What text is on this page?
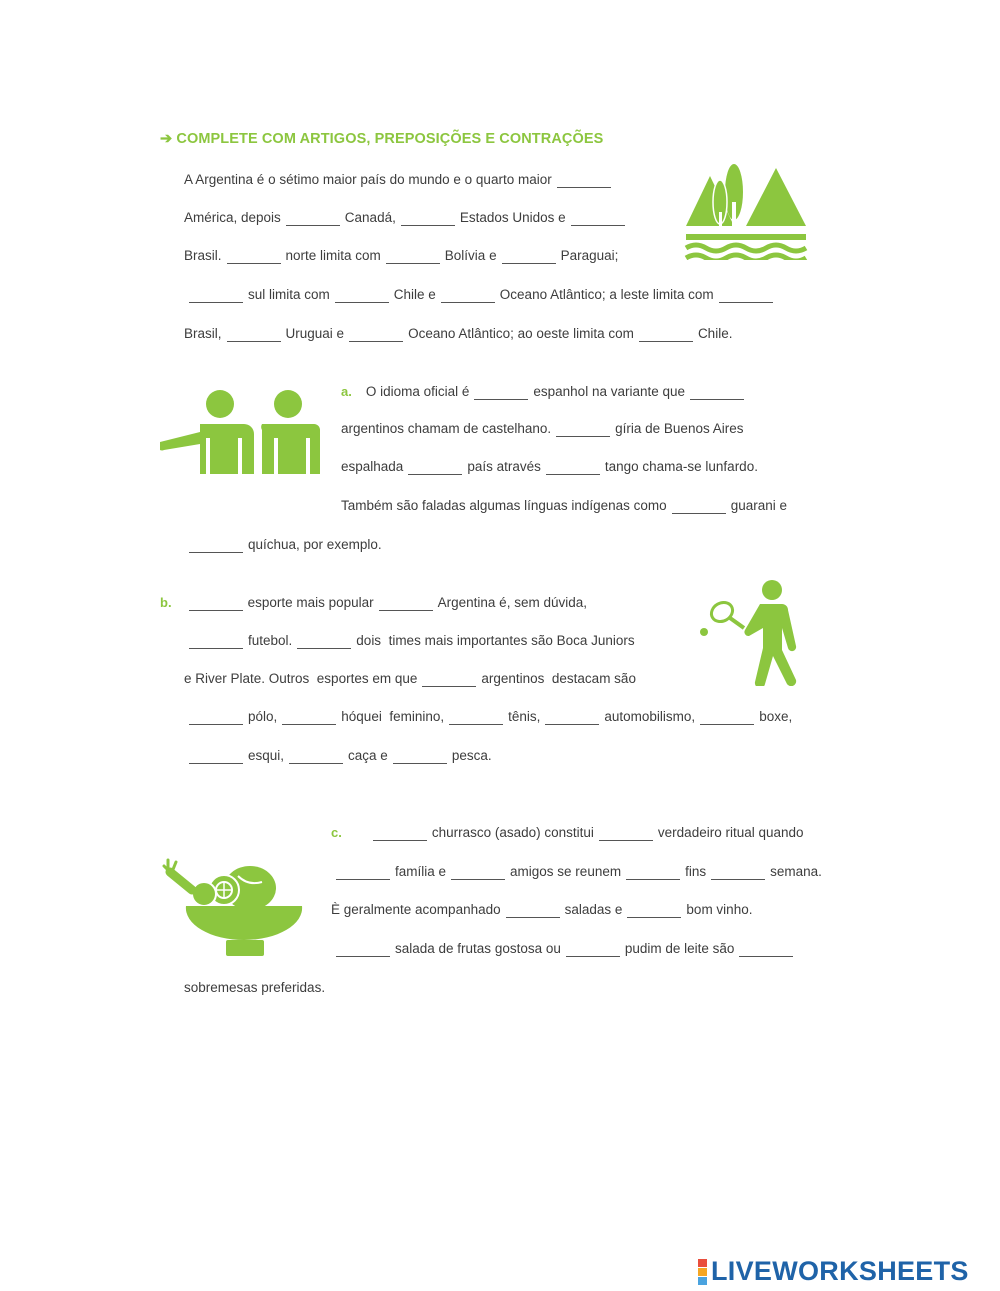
➔ COMPLETE COM ARTIGOS, PREPOSIÇÕES E CONTRAÇÕES
A Argentina é o sétimo maior país do mundo e o quarto maior
América, depois	Canadá,	Estados Unidos e
Brasil.	norte limita com	Bolívia e	Paraguai;
sul limita com	Chile e	Oceano Atlântico; a leste limita com
Brasil,	Uruguai e	Oceano Atlântico; ao oeste limita com	Chile.
a. O idioma oficial é	espanhol na variante que
argentinos chamam de castelhano.	gíria de Buenos Aires
espalhada	país através	tango chama-se lunfardo.
Também são faladas algumas línguas indígenas como	guarani e
quíchua, por exemplo.
b.	esporte mais popular	Argentina é, sem dúvida,
futebol.	dois  times mais importantes são Boca Juniors
e River Plate. Outros  esportes em que	argentinos  destacam são
pólo,	hóquei  feminino,	tênis,	automobilismo,	boxe,
esqui,	caça e	pesca.
c.	churrasco (asado) constitui	verdadeiro ritual quando
família e	amigos se reunem	fins	semana.
È geralmente acompanhado	saladas e	bom vinho.
salada de frutas gostosa ou	pudim de leite são
sobremesas preferidas.
LIVEWORKSHEETS
